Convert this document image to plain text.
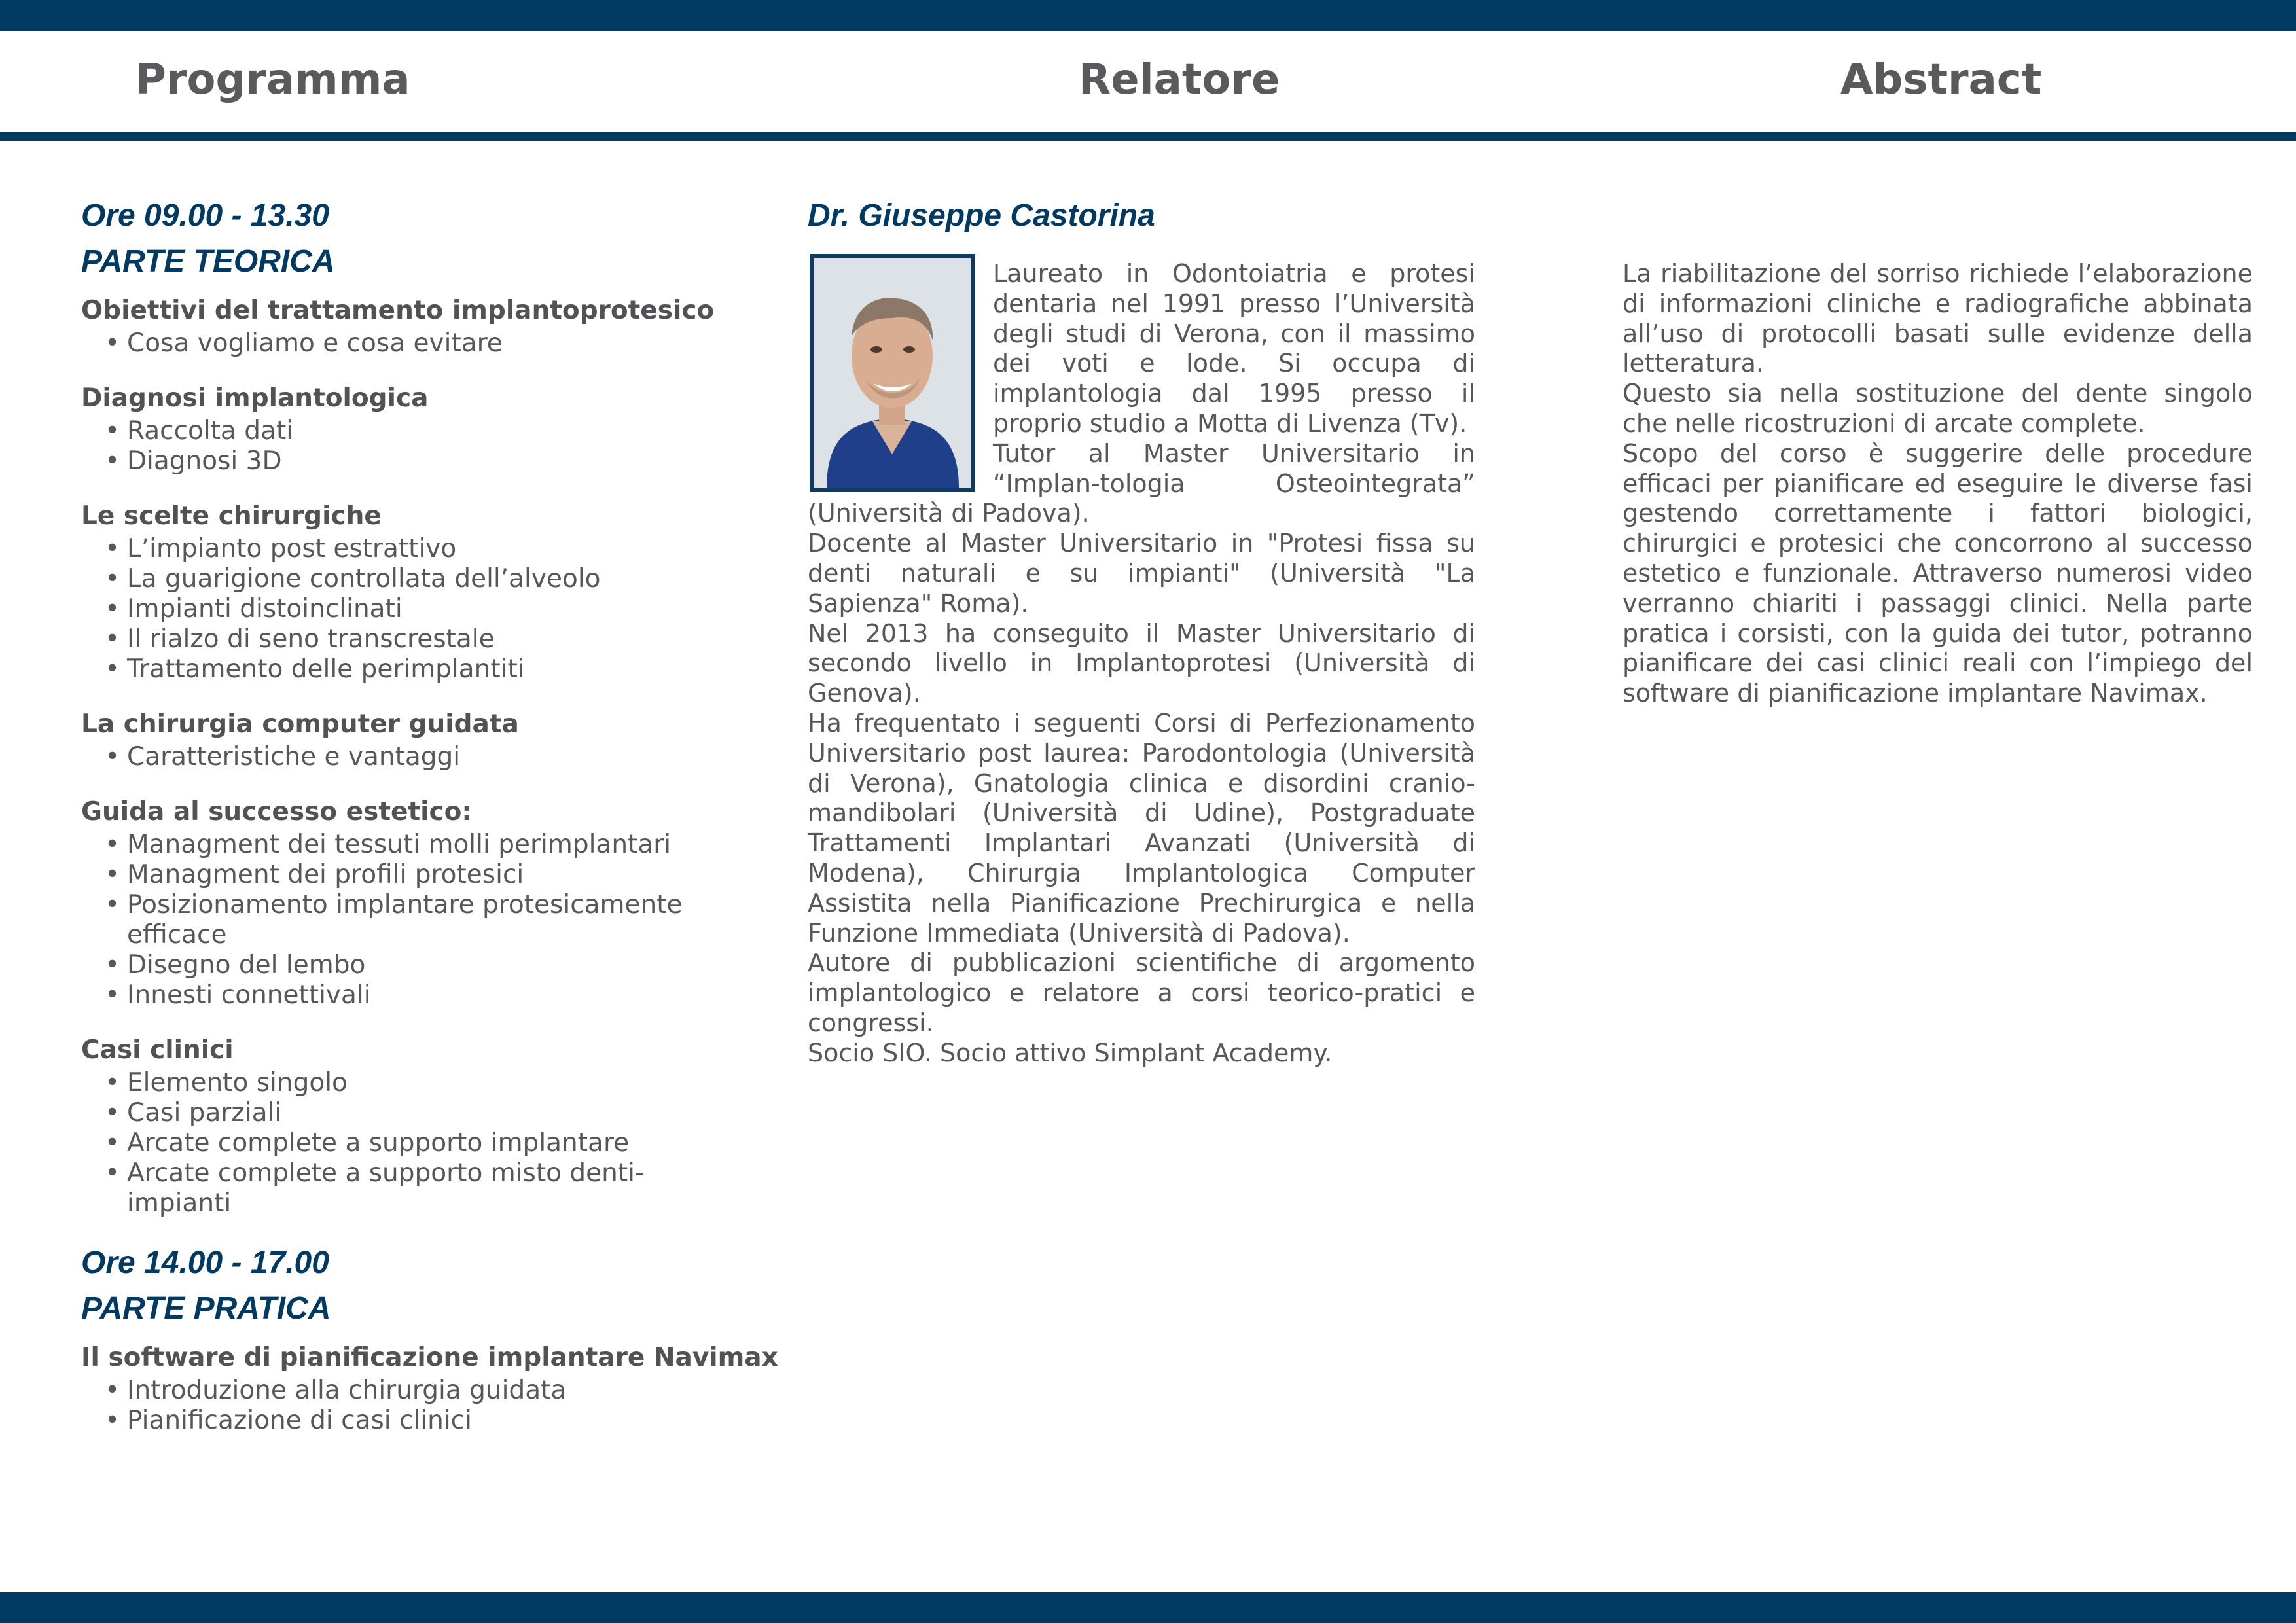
Programma	Relatore	Abstract
Ore 09.00 - 13.30
PARTE TEORICA
Obiettivi del trattamento implantoprotesico
• Cosa vogliamo e cosa evitare
Diagnosi implantologica
• Raccolta dati
• Diagnosi 3D
Le scelte chirurgiche
• L’impianto post estrattivo
• La guarigione controllata dell’alveolo
• Impianti distoinclinati
• Il rialzo di seno transcrestale
• Trattamento delle perimplantiti
La chirurgia computer guidata
• Caratteristiche e vantaggi
Guida al successo estetico:
• Managment dei tessuti molli perimplantari
• Managment dei profili protesici
• Posizionamento implantare protesicamente
efficace
• Disegno del lembo
• Innesti connettivali
Casi clinici
• Elemento singolo
• Casi parziali
• Arcate complete a supporto implantare
• Arcate complete a supporto misto denti-
impianti
Ore 14.00 - 17.00
PARTE PRATICA
Il software di pianificazione implantare Navimax
• Introduzione alla chirurgia guidata
• Pianificazione di casi clinici
Dr. Giuseppe Castorina

Laureato in Odontoiatria e protesi dentaria nel 1991 presso l’Università degli studi di Verona, con il massimo dei voti e lode. Si occupa di implantologia dal 1995 presso il proprio studio a Motta di Livenza (Tv).

Tutor al Master Universitario in “Implan-tologia Osteointegrata” (Università di Padova).

Docente al Master Universitario in "Protesi fissa su denti naturali e su impianti" (Università "La Sapienza" Roma).

Nel 2013 ha conseguito il Master Universitario di secondo livello in Implantoprotesi (Università di Genova).

Ha frequentato i seguenti Corsi di Perfezionamento Universitario post laurea: Parodontologia (Università di Verona), Gnatologia clinica e disordini cranio-mandibolari (Università di Udine), Postgraduate Trattamenti Implantari Avanzati (Università di Modena), Chirurgia Implantologica Computer Assistita nella Pianificazione Prechirurgica e nella Funzione Immediata (Università di Padova).

Autore di pubblicazioni scientifiche di argomento implantologico e relatore a corsi teorico-pratici e congressi.

Socio SIO. Socio attivo Simplant Academy.

La riabilitazione del sorriso richiede l’elaborazione di informazioni cliniche e radiografiche abbinata all’uso di protocolli basati sulle evidenze della letteratura.

Questo sia nella sostituzione del dente singolo che nelle ricostruzioni di arcate complete.

Scopo del corso è suggerire delle procedure efficaci per pianificare ed eseguire le diverse fasi gestendo correttamente i fattori biologici, chirurgici e protesici che concorrono al successo estetico e funzionale. Attraverso numerosi video verranno chiariti i passaggi clinici. Nella parte pratica i corsisti, con la guida dei tutor, potranno pianificare dei casi clinici reali con l’impiego del software di pianificazione implantare Navimax.
